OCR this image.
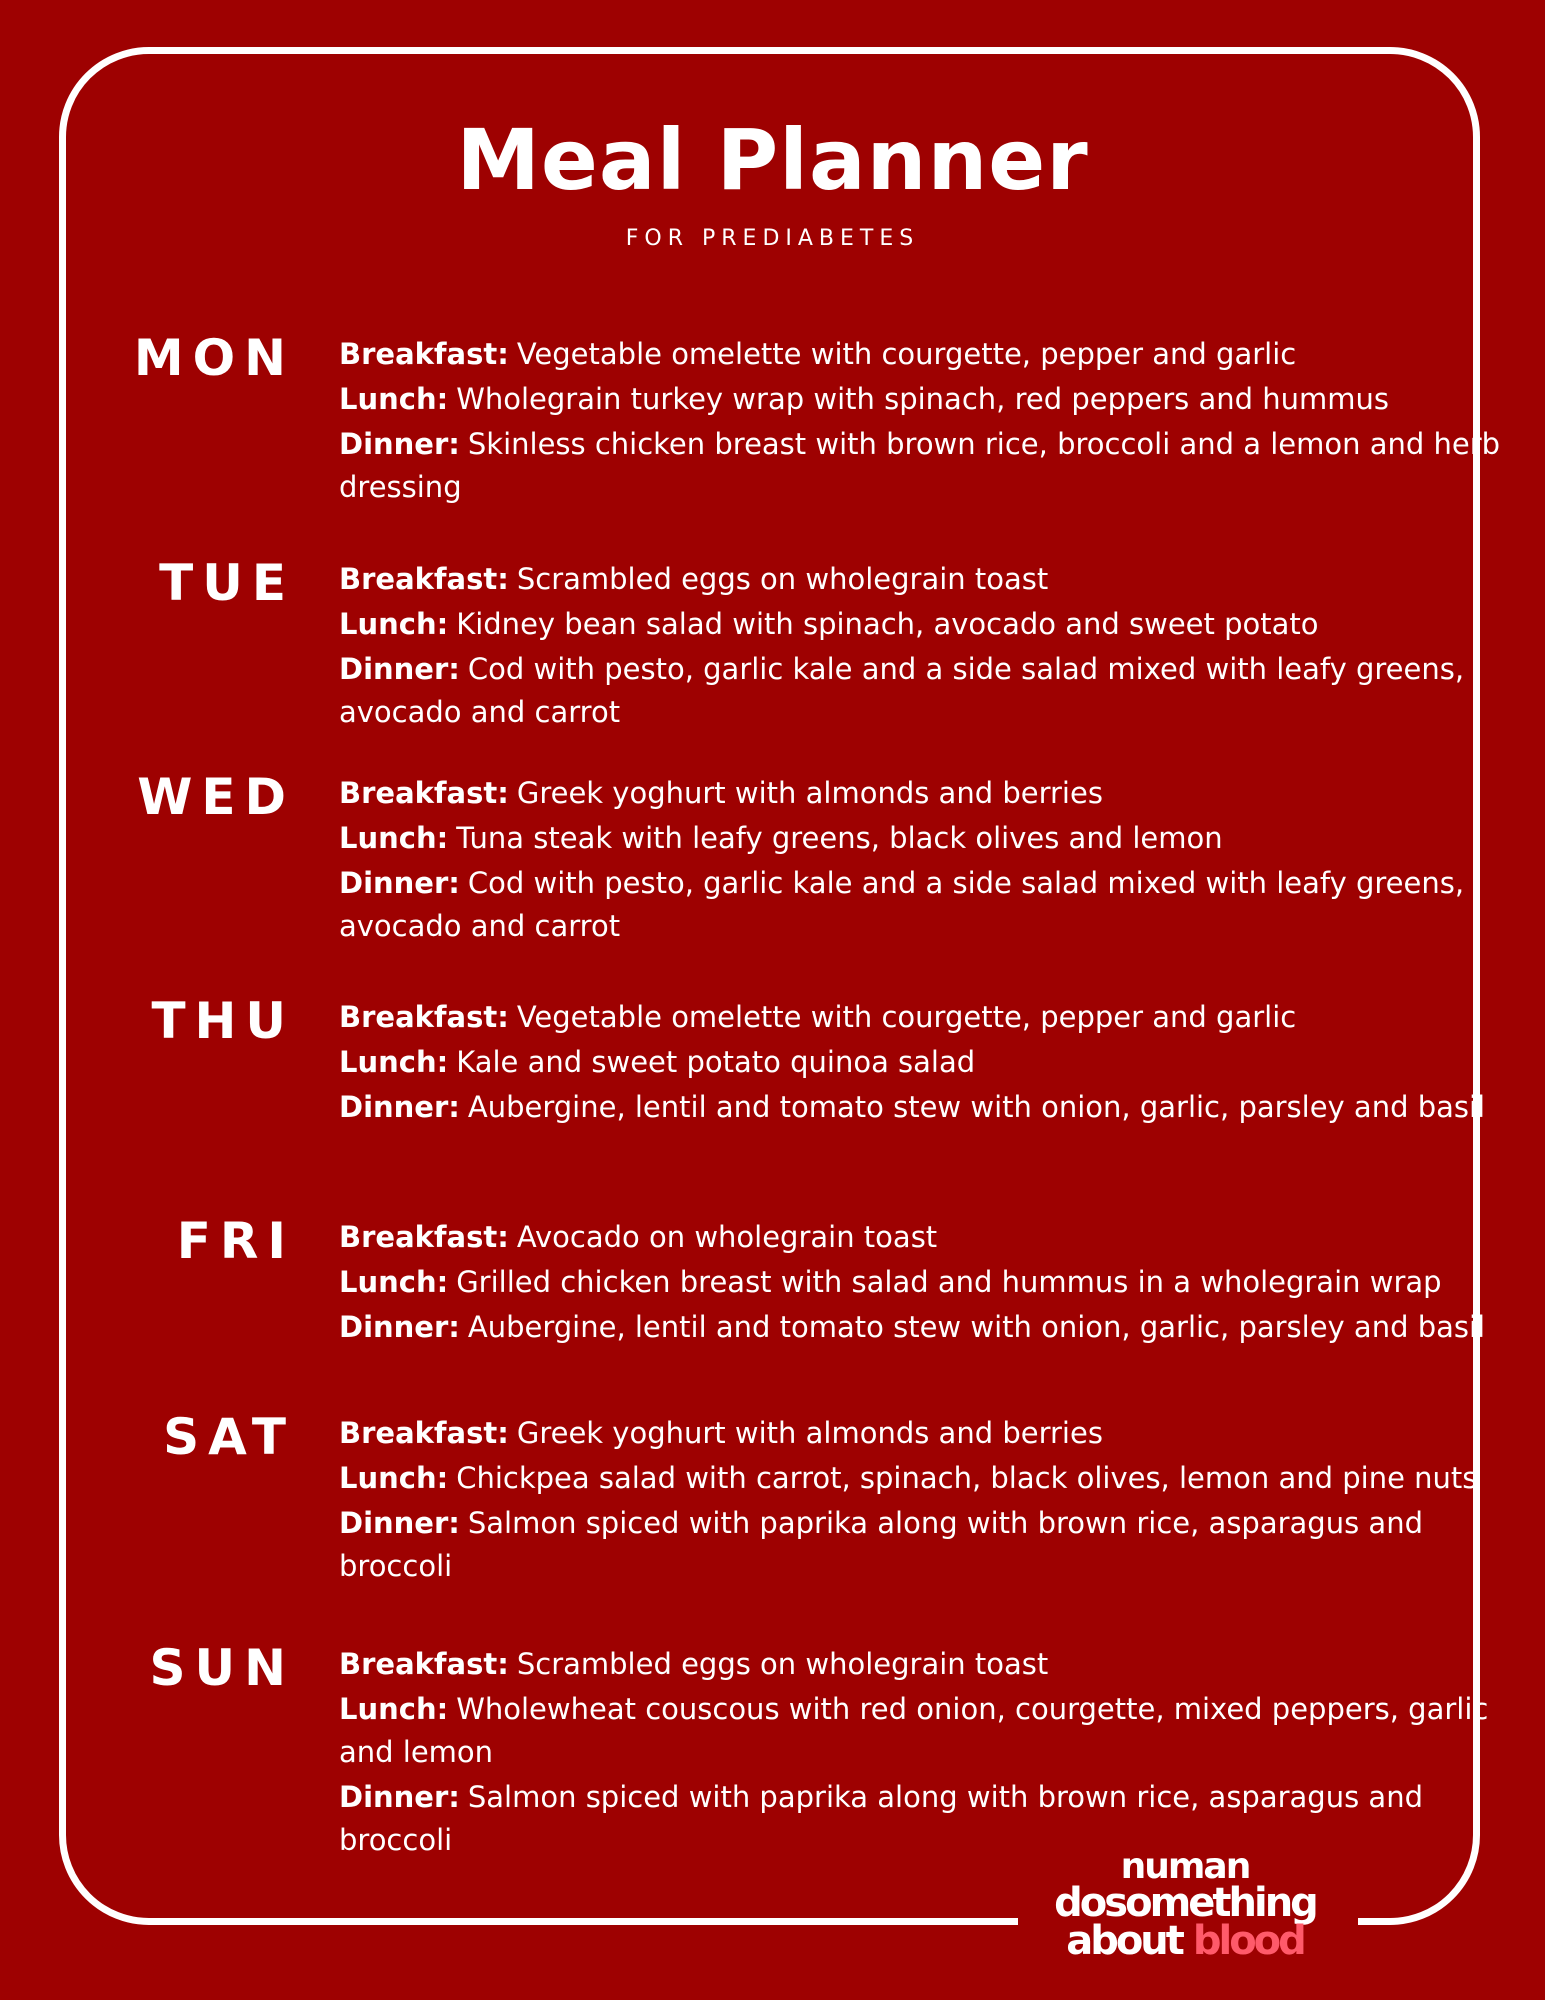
Meal Planner
FOR PREDIABETES
MON Breakfast: Vegetable omelette with courgette, pepper and garlic

Lunch: Wholegrain turkey wrap with spinach, red peppers and hummus

Dinner: Skinless chicken breast with brown rice, broccoli and a lemon and herb dressing

TUE Breakfast: Scrambled eggs on wholegrain toast

Lunch: Kidney bean salad with spinach, avocado and sweet potato

Dinner: Cod with pesto, garlic kale and a side salad mixed with leafy greens, avocado and carrot

WED Breakfast: Greek yoghurt with almonds and berries

Lunch: Tuna steak with leafy greens, black olives and lemon

Dinner: Cod with pesto, garlic kale and a side salad mixed with leafy greens, avocado and carrot

THU Breakfast: Vegetable omelette with courgette, pepper and garlic

Lunch: Kale and sweet potato quinoa salad

Dinner: Aubergine, lentil and tomato stew with onion, garlic, parsley and basil

FRI Breakfast: Avocado on wholegrain toast

Lunch: Grilled chicken breast with salad and hummus in a wholegrain wrap

Dinner: Aubergine, lentil and tomato stew with onion, garlic, parsley and basil

SAT Breakfast: Greek yoghurt with almonds and berries

Lunch: Chickpea salad with carrot, spinach, black olives, lemon and pine nuts

Dinner: Salmon spiced with paprika along with brown rice, asparagus and broccoli

SUN Breakfast: Scrambled eggs on wholegrain toast

Lunch: Wholewheat couscous with red onion, courgette, mixed peppers, garlic and lemon

Dinner: Salmon spiced with paprika along with brown rice, asparagus and broccoli

numan
dosomething
about blood
